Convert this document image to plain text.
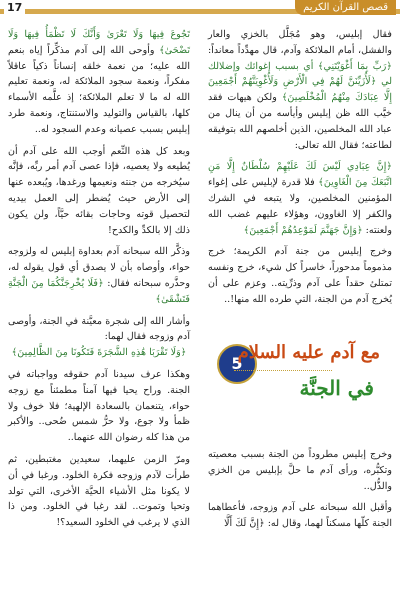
17	قصص القرآن الكريم

فقال إبليس، وهو مُجَلَّل بالخزي والعار والفشل، أمام الملائكة وآدم، قال مهدِّداً معانداً: ﴿رَبِّ بِمَا أَغْوَيْتَنِي﴾ أي بسبب إغوائك وإضلالك لي ﴿لَأُزَيِّنَنَّ لَهُمْ فِي الْأَرْضِ وَلَأُغْوِيَنَّهُمْ أَجْمَعِينَ إِلَّا عِبَادَكَ مِنْهُمُ الْمُخْلَصِينَ﴾ ولكن هيهات فقد خيَّب الله ظن إبليس وأيأسه من أن ينال من عباد الله المخلصين، الذين أخلصهم الله بتوفيقه لطاعته؛ فقال الله تعالى:

﴿إِنَّ عِبَادِي لَيْسَ لَكَ عَلَيْهِمْ سُلْطَانٌ إِلَّا مَنِ اتَّبَعَكَ مِنَ الْغَاوِينَ﴾ فلا قدرة لإبليس على إغواء المؤمنين المخلصين، ولا يتبعه في الشرك والكفر إلا الغاوون، وهؤلاء عليهم غضب الله ولعنته: ﴿وَإِنَّ جَهَنَّمَ لَمَوْعِدُهُمْ أَجْمَعِينَ﴾

وخرج إبليس من جنة آدم الكريمة؛ خرج مذموماً مدحوراً، خاسراً كل شيء، خرج ونفسه تمتلئ حقداً على آدم وذرِّيته.. وعزم على أن يُخرج آدم من الجنة، التي طرده الله منها!..

5
مع آدم عليه السلام
في الجنَّة

وخرج إبليس مطروداً من الجنة بسبب معصيته وتكبُّره، ورأى آدم ما حلَّ بإبليس من الخزي والذُّل..

وأقبل الله سبحانه على آدم وزوجه، فأعطاهما الجنة كلّها مسكناً لهما، وقال له: ﴿إِنَّ لَكَ أَلَّا

تَجُوعَ فِيهَا وَلَا تَعْرَىٰ وَأَنَّكَ لَا تَظْمَأُ فِيهَا وَلَا تَضْحَىٰ﴾ وأوحى الله إلى آدم مذكِّراً إياه بنعم الله عليه؛ من نعمة خلقه إنساناً ذكياً عاقلاً مفكراً، ونعمة سجود الملائكة له، ونعمة تعليم الله له ما لا تعلم الملائكة؛ إذ علَّمه الأسماء كلها، بالقياس والتوليد والاستنتاج، ونعمة طرد إبليس بسبب عصيانه وعدم السجود له..

وبعد كل هذه النِّعم أوجب الله على آدم أن يُطيعه ولا يعصيه، فإذا عصى آدم أمر ربِّه، فإنَّه سيُخرجه من جنته ونعيمها ورغدها، ويُبعده عنها إلى الأرض حيث يُضطر إلى العمل بيديه لتحصيل قوته وحاجات بقائه حيَّاً، ولن يكون ذلك إلا بالكدِّ والكدح!

وذكَّر الله سبحانه آدم بعداوة إبليس له ولزوجه حواء، وأوصاه بأن لا يصدق أي قول يقوله له، وحذَّره سبحانه فقال: ﴿فَلَا يُخْرِجَنَّكُمَا مِنَ الْجَنَّةِ فَتَشْقَىٰ﴾

وأشار الله إلى شجرة معيَّنة في الجنة، وأوصى آدم وزوجه فقال لهما:
﴿وَلَا تَقْرَبَا هَٰذِهِ الشَّجَرَةَ فَتَكُونَا مِنَ الظَّالِمِينَ﴾

وهكذا عرف سيدنا آدم حقوقه وواجباته في الجنة. وراح يحيا فيها آمناً مطمئناً مع زوجه حواء، يتنعمان بالسعادة الإلهية؛ فلا خوف ولا ظمأ ولا جوع، ولا حرُّ شمس ضُحى.. والأكبر من هذا كله رضوان الله عنهما..

ومرّ الزمن عليهما، سعيدين مغتبطين، ثم طرأت لآدم وزوجه فكرة الخلود. ورغبا في أن لا يكونا مثل الأشياء الحيَّة الأخرى، التي تولد وتحيا وتموت.. لقد رغبا في الخلود. ومن ذا الذي لا يرغب في الخلود السعيد؟!
